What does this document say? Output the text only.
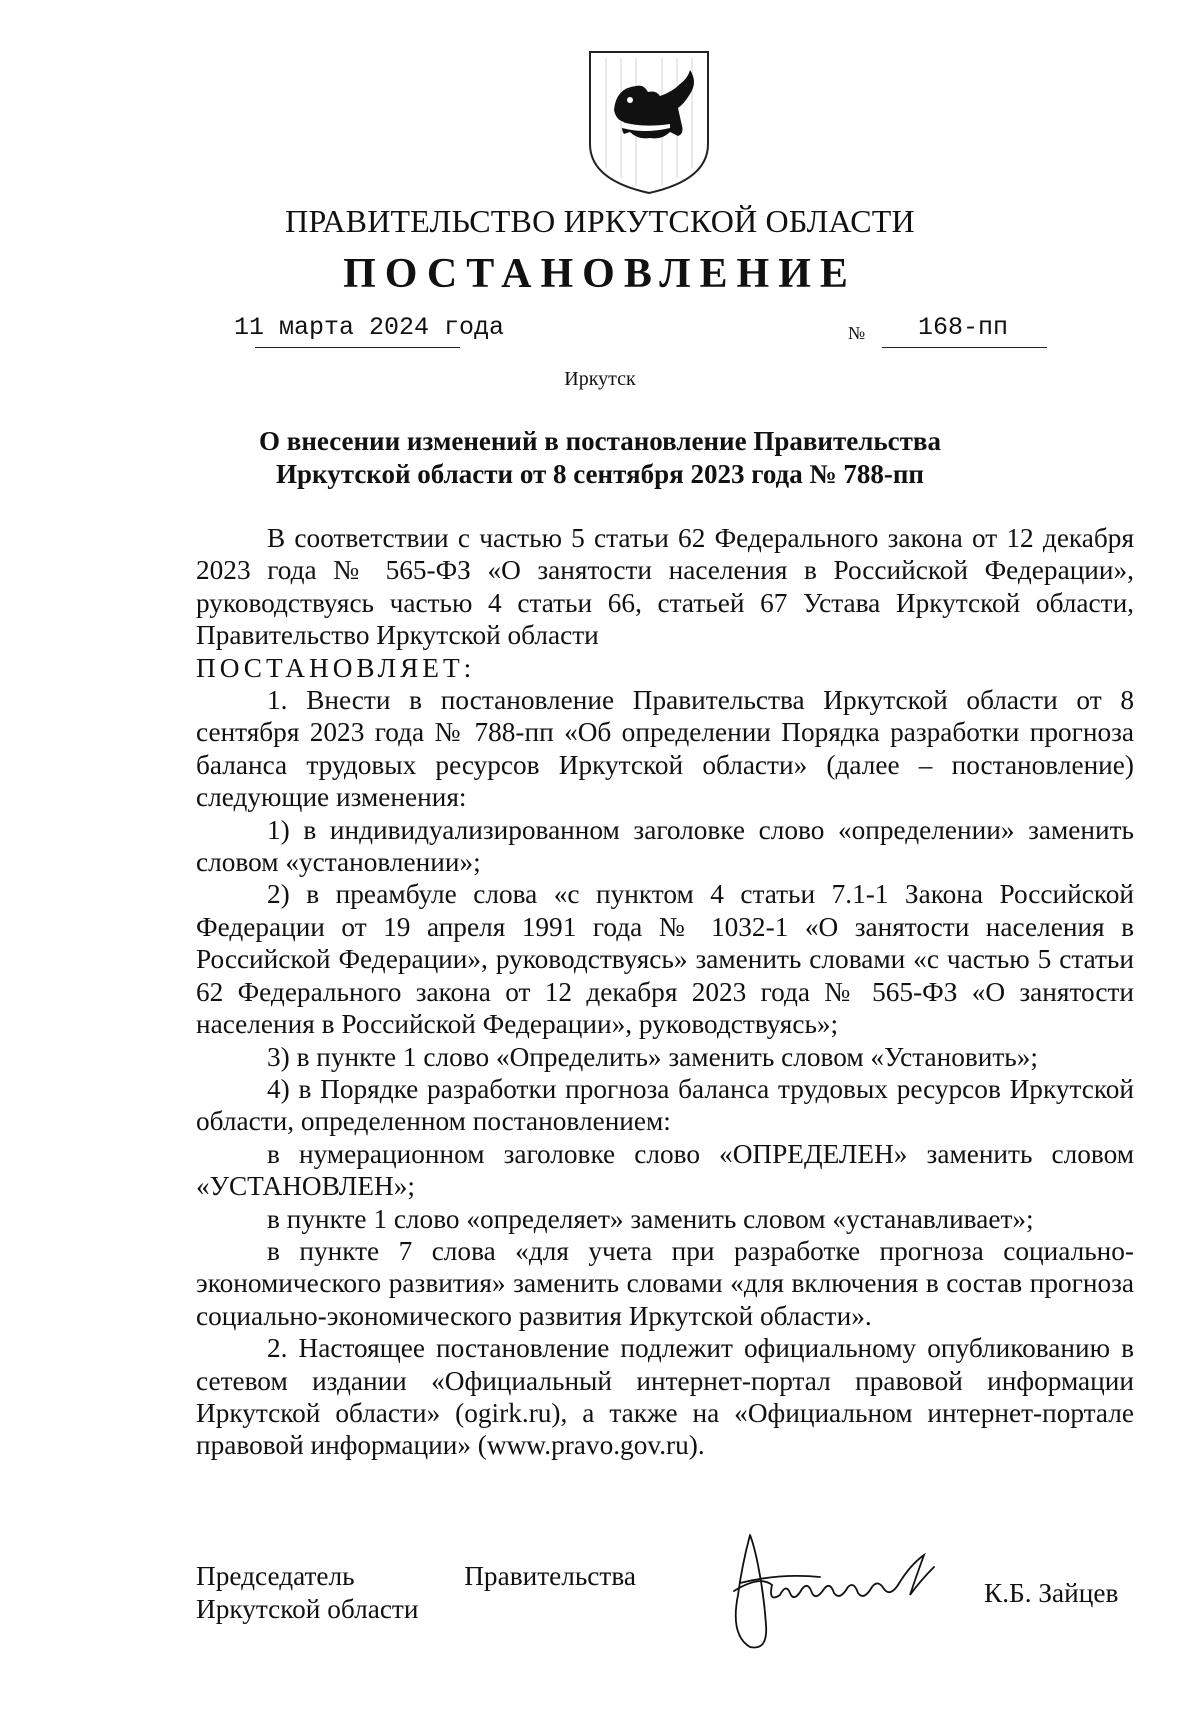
ПРАВИТЕЛЬСТВО ИРКУТСКОЙ ОБЛАСТИ
ПОСТАНОВЛЕНИЕ
11 марта 2024 года	№ 168-пп
Иркутск
О внесении изменений в постановление Правительства
Иркутской области от 8 сентября 2023 года № 788-пп

В соответствии с частью 5 статьи 62 Федерального закона от 12 декабря 2023 года № 565-ФЗ «О занятости населения в Российской Федерации», руководствуясь частью 4 статьи 66, статьей 67 Устава Иркутской области, Правительство Иркутской области

ПОСТАНОВЛЯЕТ:

1. Внести в постановление Правительства Иркутской области от 8 сентября 2023 года № 788-пп «Об определении Порядка разработки прогноза баланса трудовых ресурсов Иркутской области» (далее – постановление) следующие изменения:

1) в индивидуализированном заголовке слово «определении» заменить словом «установлении»;

2) в преамбуле слова «с пунктом 4 статьи 7.1-1 Закона Российской Федерации от 19 апреля 1991 года № 1032-1 «О занятости населения в Российской Федерации», руководствуясь» заменить словами «с частью 5 статьи 62 Федерального закона от 12 декабря 2023 года № 565-ФЗ «О занятости населения в Российской Федерации», руководствуясь»;

3) в пункте 1 слово «Определить» заменить словом «Установить»;

4) в Порядке разработки прогноза баланса трудовых ресурсов Иркутской области, определенном постановлением:

в нумерационном заголовке слово «ОПРЕДЕЛЕН» заменить словом «УСТАНОВЛЕН»;

в пункте 1 слово «определяет» заменить словом «устанавливает»;

в пункте 7 слова «для учета при разработке прогноза социально-экономического развития» заменить словами «для включения в состав прогноза социально-экономического развития Иркутской области».

2. Настоящее постановление подлежит официальному опубликованию в сетевом издании «Официальный интернет-портал правовой информации Иркутской области» (ogirk.ru), а также на «Официальном интернет-портале правовой информации» (www.pravo.gov.ru).

Председатель	Правительства
Иркутской области
К.Б. Зайцев
